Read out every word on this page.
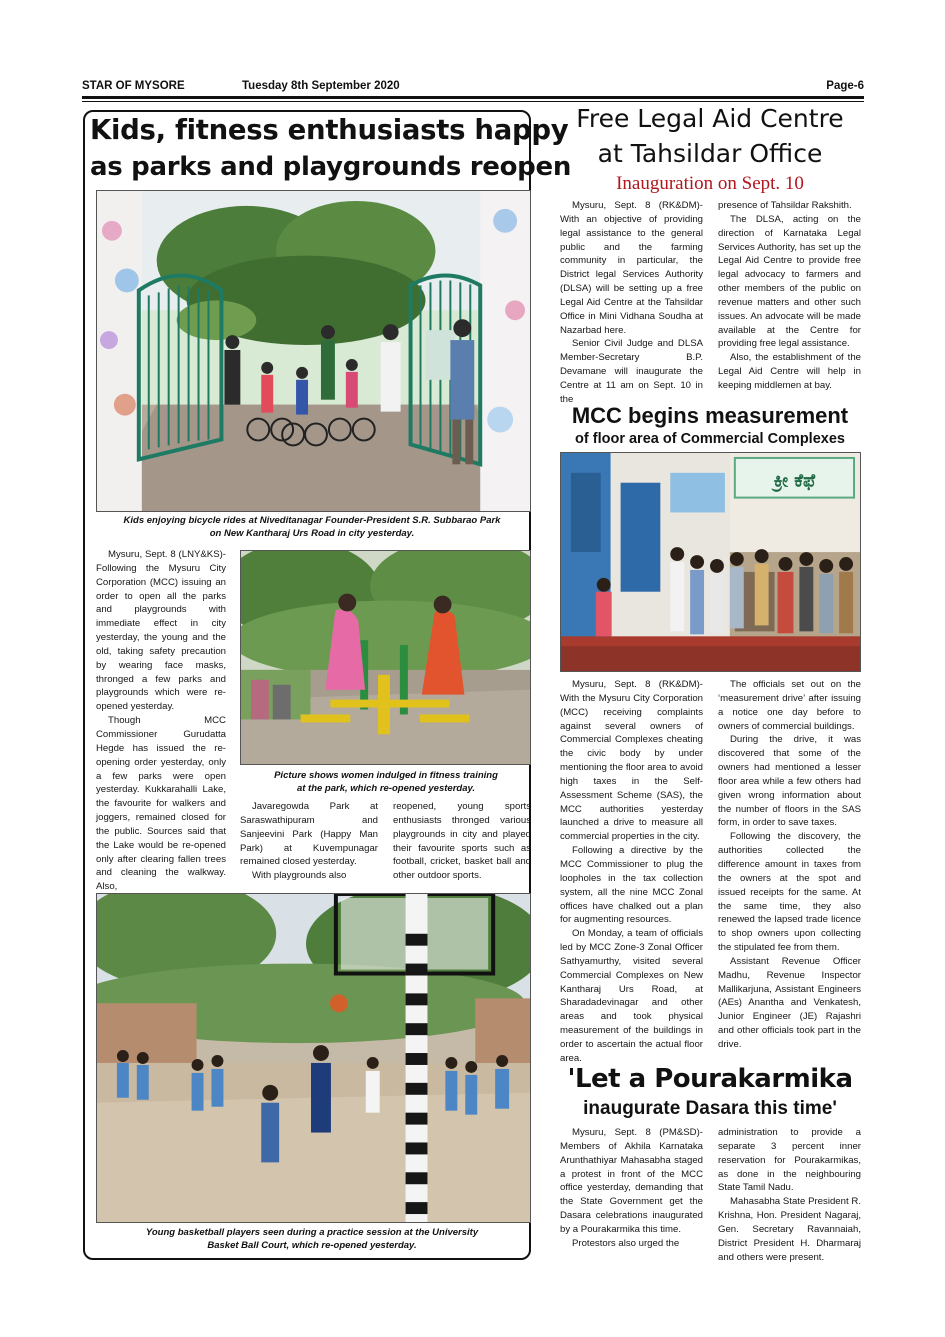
STAR OF MYSORE	Tuesday 8th September 2020	Page-6
Kids, fitness enthusiasts happy
as parks and playgrounds reopen
Kids enjoying bicycle rides at Niveditanagar Founder-President S.R. Subbarao Park
on New Kantharaj Urs Road in city yesterday.

Mysuru, Sept. 8 (LNY&KS)- Following the Mysuru City Corporation (MCC) issuing an order to open all the parks and playgrounds with immediate effect in city yesterday, the young and the old, taking safety precaution by wearing face masks, thronged a few parks and playgrounds which were re-opened yesterday.

Though MCC Commissioner Gurudatta Hegde has issued the re-opening order yesterday, only a few parks were open yesterday. Kukkarahalli Lake, the favourite for walkers and joggers, remained closed for the public. Sources said that the Lake would be re-opened only after clearing fallen trees and cleaning the walkway. Also,

Picture shows women indulged in fitness training
at the park, which re-opened yesterday.

Javaregowda Park at Saraswathipuram and Sanjeevini Park (Happy Man Park) at Kuvempunagar remained closed yesterday.

With playgrounds also

reopened, young sports enthusiasts thronged various playgrounds in city and played their favourite sports such as football, cricket, basket ball and other outdoor sports.

Young basketball players seen during a practice session at the University
Basket Ball Court, which re-opened yesterday.
Free Legal Aid Centre
at Tahsildar Office
Inauguration on Sept. 10

Mysuru, Sept. 8 (RK&DM)- With an objective of providing legal assistance to the general public and the farming community in particular, the District legal Services Authority (DLSA) will be setting up a free Legal Aid Centre at the Tahsildar Office in Mini Vidhana Soudha at Nazarbad here.

Senior Civil Judge and DLSA Member-Secretary B.P. Devamane will inaugurate the Centre at 11 am on Sept. 10 in the

presence of Tahsildar Rakshith.

The DLSA, acting on the direction of Karnataka Legal Services Authority, has set up the Legal Aid Centre to provide free legal advocacy to farmers and other members of the public on revenue matters and other such issues. An advocate will be made available at the Centre for providing free legal assistance.

Also, the establishment of the Legal Aid Centre will help in keeping middlemen at bay.

MCC begins measurement
of floor area of Commercial Complexes
ಕ್ರೀ ಕೆಫೆ

Mysuru, Sept. 8 (RK&DM)- With the Mysuru City Corporation (MCC) receiving complaints against several owners of Commercial Complexes cheating the civic body by under mentioning the floor area to avoid high taxes in the Self-Assessment Scheme (SAS), the MCC authorities yesterday launched a drive to measure all commercial properties in the city.

Following a directive by the MCC Commissioner to plug the loopholes in the tax collection system, all the nine MCC Zonal offices have chalked out a plan for augmenting resources.

On Monday, a team of officials led by MCC Zone-3 Zonal Officer Sathyamurthy, visited several Commercial Complexes on New Kantharaj Urs Road, at Sharadadevinagar and other areas and took physical measurement of the buildings in order to ascertain the actual floor area.

The officials set out on the ‘measurement drive’ after issuing a notice one day before to owners of commercial buildings.

During the drive, it was discovered that some of the owners had mentioned a lesser floor area while a few others had given wrong information about the number of floors in the SAS form, in order to save taxes.

Following the discovery, the authorities collected the difference amount in taxes from the owners at the spot and issued receipts for the same. At the same time, they also renewed the lapsed trade licence to shop owners upon collecting the stipulated fee from them.

Assistant Revenue Officer Madhu, Revenue Inspector Mallikarjuna, Assistant Engineers (AEs) Anantha and Venkatesh, Junior Engineer (JE) Rajashri and other officials took part in the drive.

'Let a Pourakarmika
inaugurate Dasara this time'

Mysuru, Sept. 8 (PM&SD)- Members of Akhila Karnataka Arunthathiyar Mahasabha staged a protest in front of the MCC office yesterday, demanding that the State Government get the Dasara celebrations inaugurated by a Pourakarmika this time.

Protestors also urged the

administration to provide a separate 3 percent inner reservation for Pourakarmikas, as done in the neighbouring State Tamil Nadu.

Mahasabha State President R. Krishna, Hon. President Nagaraj, Gen. Secretary Ravannaiah, District President H. Dharmaraj and others were present.
